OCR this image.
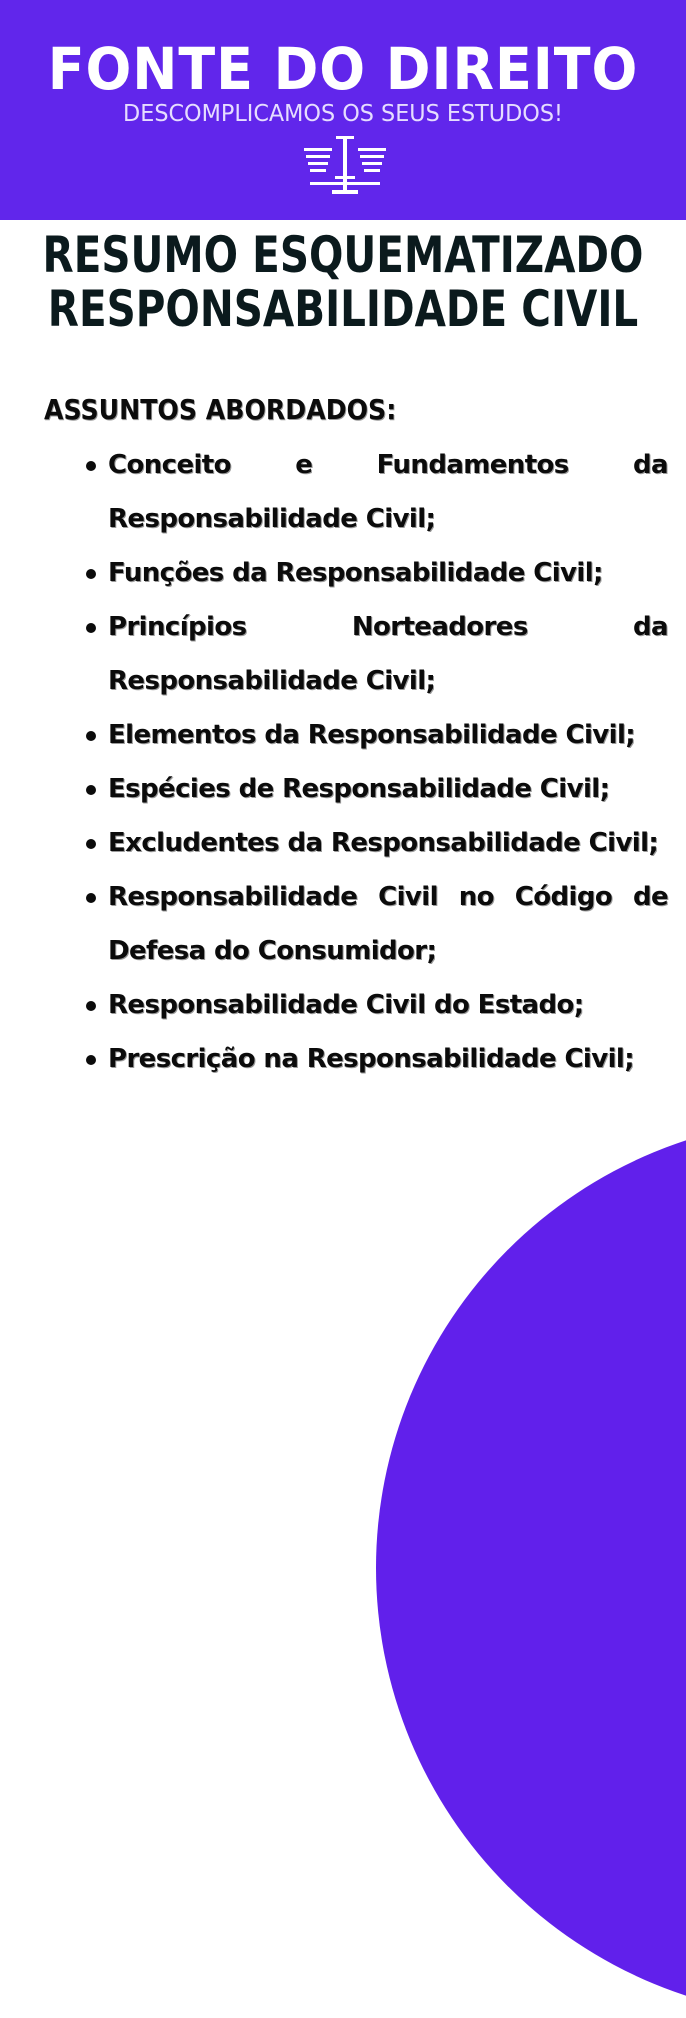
FONTE DO DIREITO
DESCOMPLICAMOS OS SEUS ESTUDOS!
RESUMO ESQUEMATIZADO
RESPONSABILIDADE CIVIL
ASSUNTOS ABORDADOS:
Conceito e Fundamentos da Responsabilidade Civil;
Funções da Responsabilidade Civil;
Princípios Norteadores da Responsabilidade Civil;
Elementos da Responsabilidade Civil;
Espécies de Responsabilidade Civil;
Excludentes da Responsabilidade Civil;
Responsabilidade Civil no Código de Defesa do Consumidor;
Responsabilidade Civil do Estado;
Prescrição na Responsabilidade Civil;
